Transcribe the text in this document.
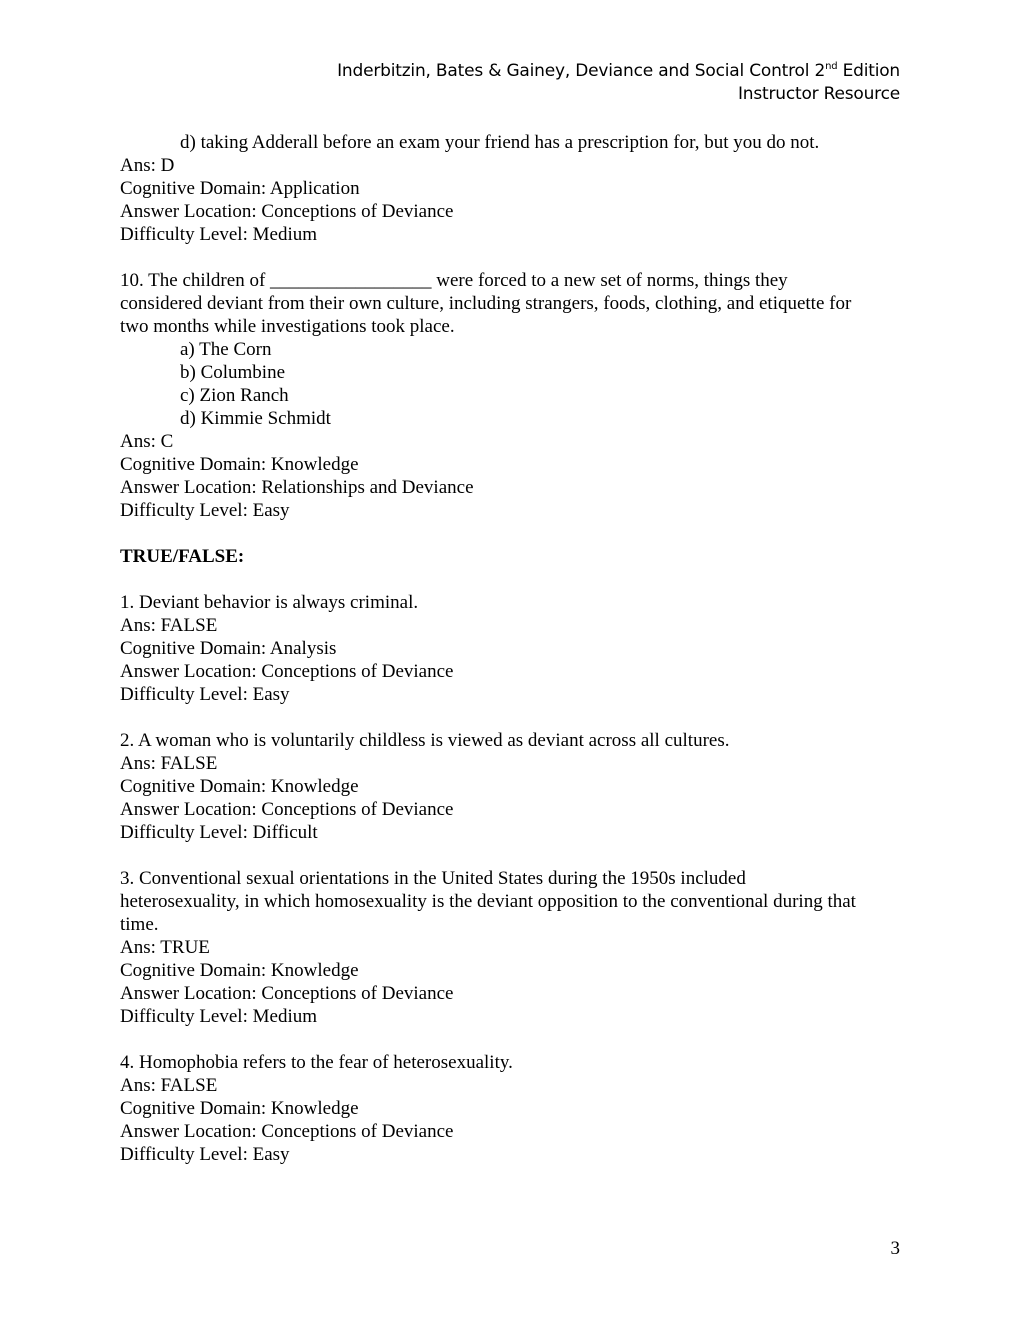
Inderbitzin, Bates & Gainey, Deviance and Social Control 2nd Edition
Instructor Resource
d) taking Adderall before an exam your friend has a prescription for, but you do not.
Ans: D
Cognitive Domain: Application
Answer Location: Conceptions of Deviance
Difficulty Level: Medium
10. The children of _________________ were forced to a new set of norms, things they
considered deviant from their own culture, including strangers, foods, clothing, and etiquette for
two months while investigations took place.
a) The Corn
b) Columbine
c) Zion Ranch
d) Kimmie Schmidt
Ans: C
Cognitive Domain: Knowledge
Answer Location: Relationships and Deviance
Difficulty Level: Easy
TRUE/FALSE:
1. Deviant behavior is always criminal.
Ans: FALSE
Cognitive Domain: Analysis
Answer Location: Conceptions of Deviance
Difficulty Level: Easy
2. A woman who is voluntarily childless is viewed as deviant across all cultures.
Ans: FALSE
Cognitive Domain: Knowledge
Answer Location: Conceptions of Deviance
Difficulty Level: Difficult
3. Conventional sexual orientations in the United States during the 1950s included
heterosexuality, in which homosexuality is the deviant opposition to the conventional during that
time.
Ans: TRUE
Cognitive Domain: Knowledge
Answer Location: Conceptions of Deviance
Difficulty Level: Medium
4. Homophobia refers to the fear of heterosexuality.
Ans: FALSE
Cognitive Domain: Knowledge
Answer Location: Conceptions of Deviance
Difficulty Level: Easy
3
